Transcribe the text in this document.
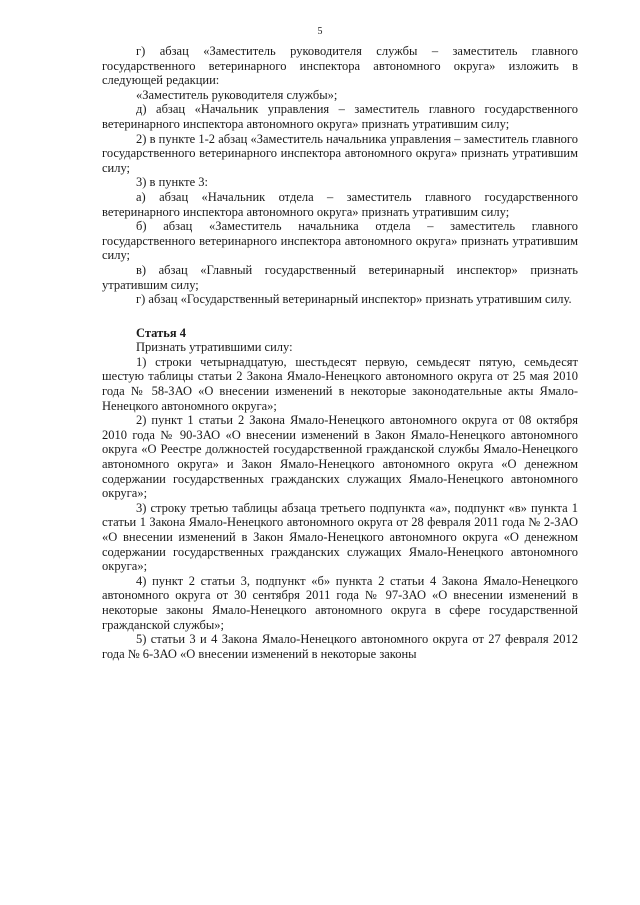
5

г) абзац «Заместитель руководителя службы – заместитель главного государственного ветеринарного инспектора автономного округа» изложить в следующей редакции:

«Заместитель руководителя службы»;

д) абзац «Начальник управления – заместитель главного государственного ветеринарного инспектора автономного округа» признать утратившим силу;

2) в пункте 1-2 абзац «Заместитель начальника управления – заместитель главного государственного ветеринарного инспектора автономного округа» признать утратившим силу;

3) в пункте 3:

а) абзац «Начальник отдела – заместитель главного государственного ветеринарного инспектора автономного округа» признать утратившим силу;

б) абзац «Заместитель начальника отдела – заместитель главного государственного ветеринарного инспектора автономного округа» признать утратившим силу;

в) абзац «Главный государственный ветеринарный инспектор» признать утратившим силу;

г) абзац «Государственный ветеринарный инспектор» признать утратившим силу.

Статья 4

Признать утратившими силу:

1) строки четырнадцатую, шестьдесят первую, семьдесят пятую, семьдесят шестую таблицы статьи 2 Закона Ямало-Ненецкого автономного округа от 25 мая 2010 года № 58-ЗАО «О внесении изменений в некоторые законодательные акты Ямало-Ненецкого автономного округа»;

2) пункт 1 статьи 2 Закона Ямало-Ненецкого автономного округа от 08 октября 2010 года № 90-ЗАО «О внесении изменений в Закон Ямало-Ненецкого автономного округа «О Реестре должностей государственной гражданской службы Ямало-Ненецкого автономного округа» и Закон Ямало-Ненецкого автономного округа «О денежном содержании государственных гражданских служащих Ямало-Ненецкого автономного округа»;

3) строку третью таблицы абзаца третьего подпункта «а», подпункт «в» пункта 1 статьи 1 Закона Ямало-Ненецкого автономного округа от 28 февраля 2011 года № 2-ЗАО «О внесении изменений в Закон Ямало-Ненецкого автономного округа «О денежном содержании государственных гражданских служащих Ямало-Ненецкого автономного округа»;

4) пункт 2 статьи 3, подпункт «б» пункта 2 статьи 4 Закона Ямало-Ненецкого автономного округа от 30 сентября 2011 года № 97-ЗАО «О внесении изменений в некоторые законы Ямало-Ненецкого автономного округа в сфере государственной гражданской службы»;

5) статьи 3 и 4 Закона Ямало-Ненецкого автономного округа от 27 февраля 2012 года № 6-ЗАО «О внесении изменений в некоторые законы
